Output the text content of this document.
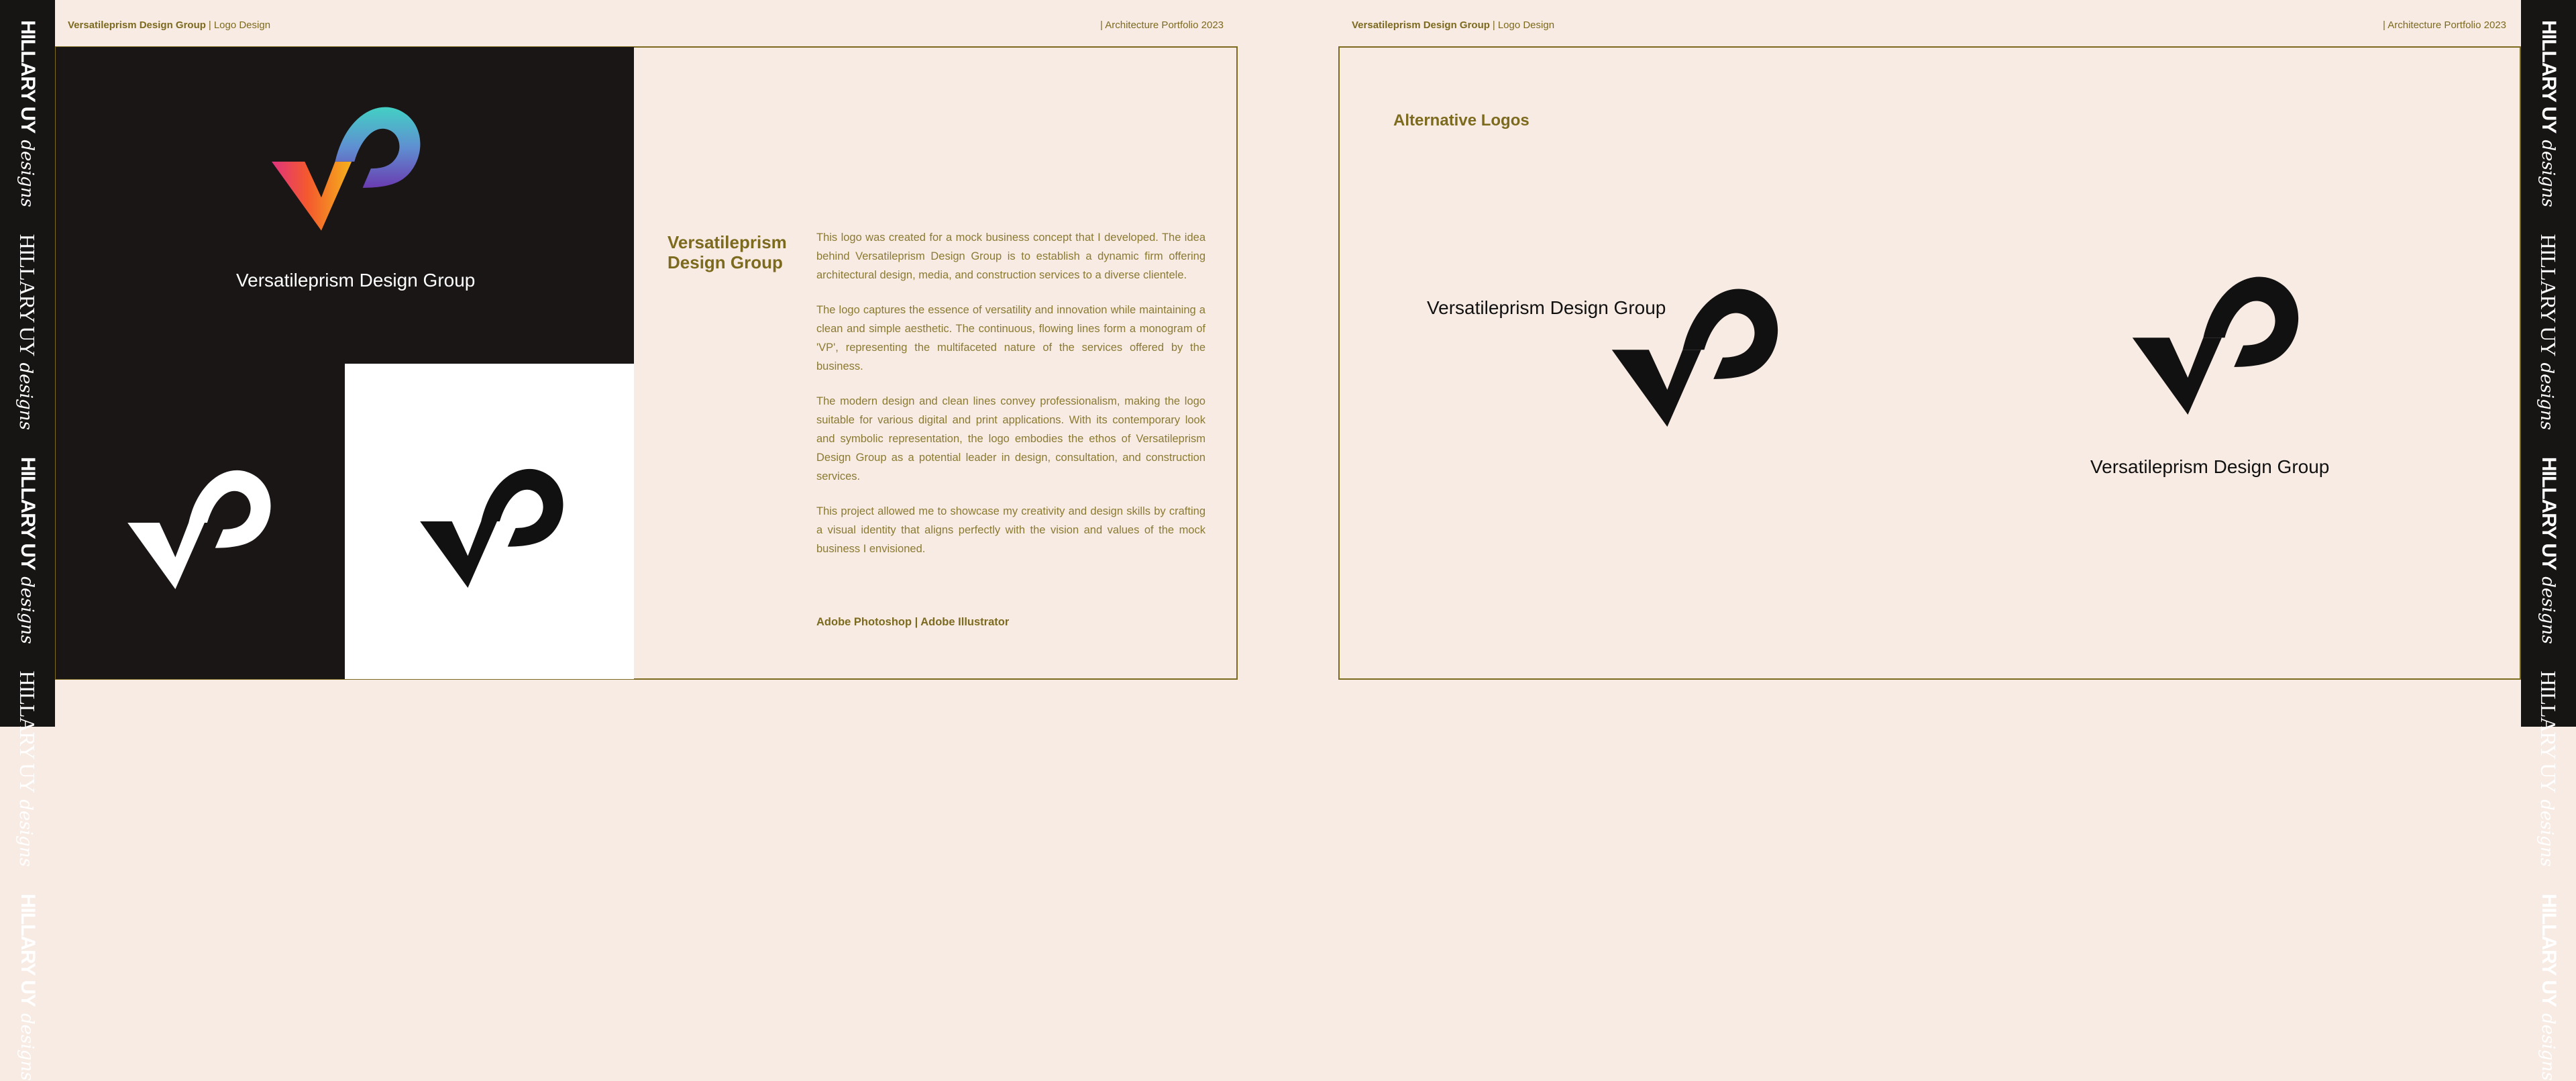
HILLARY UY
designs
HILLARY UY
designs
HILLARY UY
designs
HILLARY UY
designs
HILLARY UY
designs
HILLARY UY
designs
HILLARY UY
designs
HILLARY UY
designs
HILLARY UY
designs
HILLARY UY
designs
Versatileprism Design Group | Logo Design	| Architecture Portfolio 2023
Versatileprism Design Group
Versatileprism Design Group

This logo was created for a mock business concept that I developed. The idea behind Versatileprism Design Group is to establish a dynamic firm offering architectural design, media, and construction services to a diverse clientele.

The logo captures the essence of versatility and innovation while maintaining a clean and simple aesthetic. The continuous, flowing lines form a monogram of 'VP', representing the multifaceted nature of the services offered by the business.

The modern design and clean lines convey professionalism, making the logo suitable for various digital and print applications. With its contemporary look and symbolic representation, the logo embodies the ethos of Versatileprism Design Group as a potential leader in design, consultation, and construction services.

This project allowed me to showcase my creativity and design skills by crafting a visual identity that aligns perfectly with the vision and values of the mock business I envisioned.

Adobe Photoshop | Adobe Illustrator
Versatileprism Design Group | Logo Design	| Architecture Portfolio 2023
Alternative Logos
Versatileprism Design Group
Versatileprism Design Group
